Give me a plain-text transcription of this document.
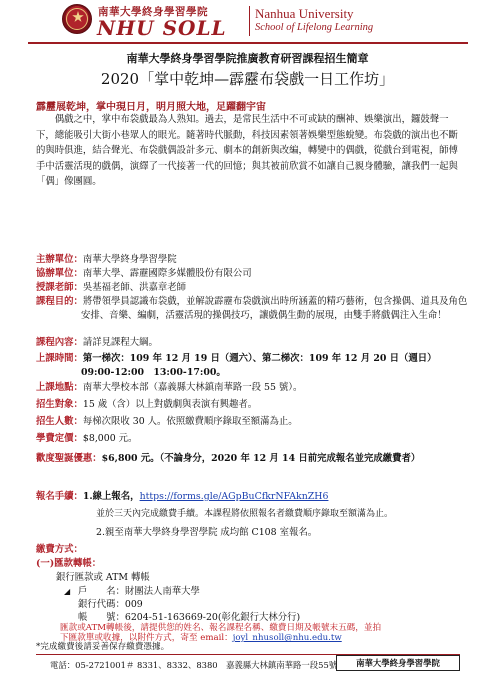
南華大學終身學習學院
NHU SOLL
Nanhua University
School of Lifelong Learning
南華大學終身學習學院推廣教育研習課程招生簡章
2020「掌中乾坤—霹靂布袋戲一日工作坊」
霹靂展乾坤，掌中現日月，明月照大地，足躍翻宇宙
偶戲之中，掌中布袋戲最為人熟知。過去，是常民生活中不可或缺的酬神、娛樂演出，鑼鼓聲一下，總能吸引大街小巷眾人的眼光。隨著時代脈動，科技因素領著娛樂型態蛻變。布袋戲的演出也不斷的與時俱進，結合聲光、布袋戲偶設計多元、劇本的創新與改編，轉變中的偶戲，從戲台到電視，師傅手中活靈活現的戲偶，演繹了一代接著一代的回憶；與其被前欣賞不如讓自己親身體驗，讓我們一起與「偶」像團圓。
主辦單位：南華大學終身學習學院
協辦單位：南華大學、霹靂國際多媒體股份有限公司
授課老師：吳基福老師、洪嘉章老師
課程目的：將帶領學員認識布袋戲，並解說霹靂布袋戲演出時所涵蓋的精巧藝術，包含操偶、道具及角色安排、音樂、編劇，活靈活現的操偶技巧，讓戲偶生動的展現，由雙手將戲偶注入生命！
課程內容：請詳見課程大綱。
上課時間：第一梯次：109 年 12 月 19 日（週六）、第二梯次：109 年 12 月 20 日（週日）
09:00-12:00　13:00-17:00。
上課地點：南華大學校本部（嘉義縣大林鎮南華路一段 55 號）。
招生對象：15 歲（含）以上對戲劇與表演有興趣者。
招生人數：每梯次限收 30 人。依照繳費順序錄取至額滿為止。
學費定價：$8,000 元。
歡度聖誕優惠：$6,800 元。（不論身分，2020 年 12 月 14 日前完成報名並完成繳費者）
報名手續：1.線上報名，https://forms.gle/AGpBuCfkrNFAknZH6
並於三天內完成繳費手續。本課程將依照報名者繳費順序錄取至額滿為止。
2.親至南華大學終身學習學院 成均館 C108 室報名。
繳費方式：
(一)匯款轉帳：
銀行匯款或 ATM 轉帳
◢ 戶　　名：財團法人南華大學
銀行代碼：009
帳　　號：6204-51-163669-20(彰化銀行大林分行)
電話：05-2721001＃ 8331、8332、8380　嘉義縣大林鎮南華路一段55號	南華大學終身學習學院
匯款或ATM轉帳後，請提供您的姓名、報名課程名稱、繳費日期及帳號末五碼，並拍
下匯款單或收據，以附件方式，寄至 email：joyl_nhusoll@nhu.edu.tw
*完成繳費後請妥善保存繳費憑據。
